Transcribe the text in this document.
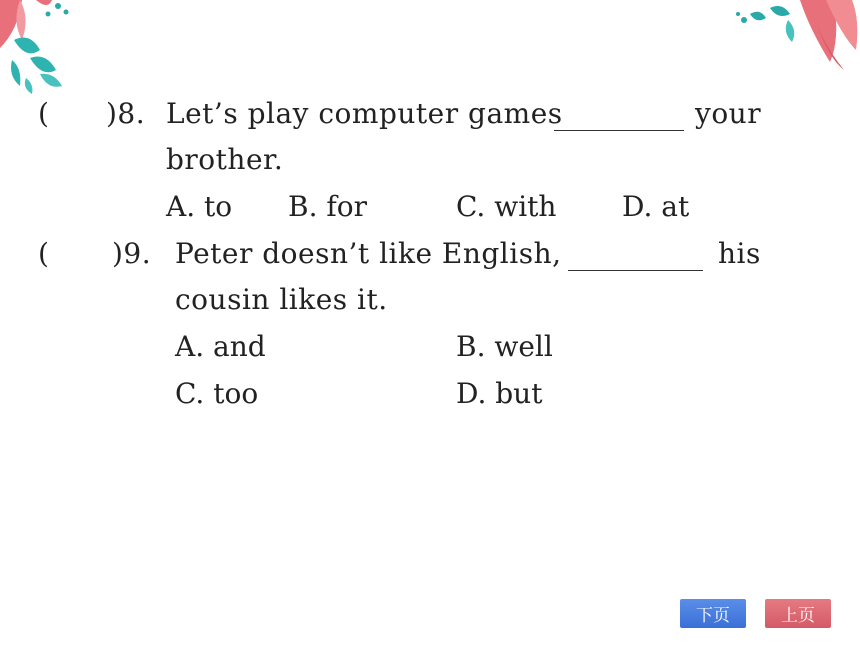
( )8. Let’s play computer games	your
brother.
A. to B. for	C. with D. at
( )9. Peter doesn’t like English,	his
cousin likes it.
A. and	B. well
C. too	D. but
下页	上页
